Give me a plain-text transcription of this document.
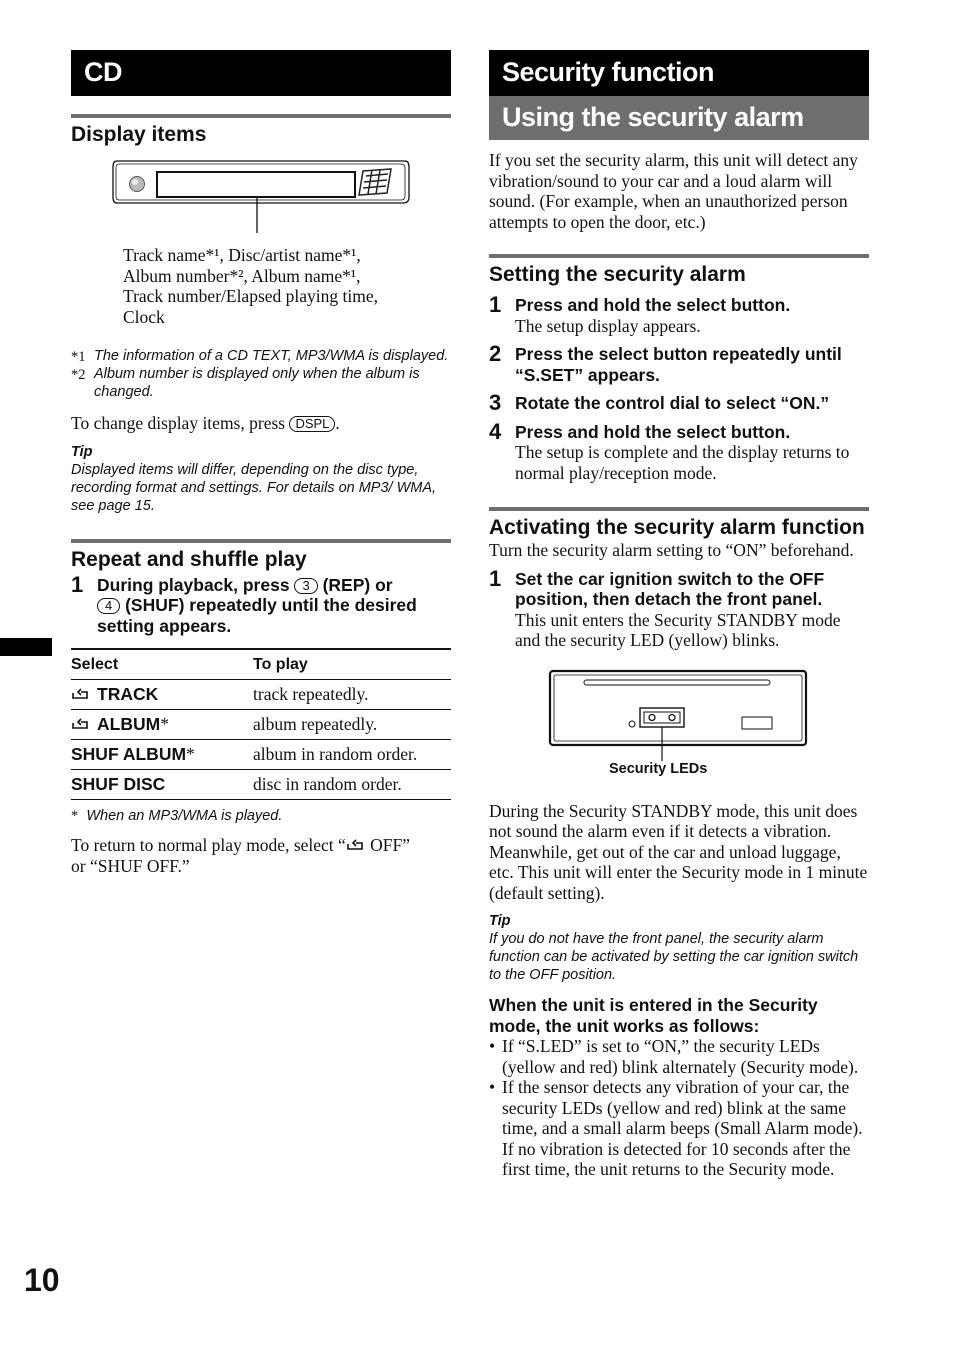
CD
Display items

Track name*¹, Disc/artist name*¹,

Album number*², Album name*¹,

Track number/Elapsed playing time,

Clock

*1 The information of a CD TEXT, MP3/WMA is displayed.

*2 Album number is displayed only when the album is changed.

To change display items, press DSPL .

Tip

Displayed items will differ, depending on the disc type, recording format and settings. For details on MP3/ WMA, see page 15.

Repeat and shuffle play
1 During playback, press 3 (REP) or
4 (SHUF) repeatedly until the desired setting appears.

Select	To play
TRACK	track repeatedly.
ALBUM*	album repeatedly.
SHUF ALBUM*	album in random order.
SHUF DISC	disc in random order.

* When an MP3/WMA is played.

To return to normal play mode, select “ OFF”
or “SHUF OFF.”

Security function
Using the security alarm

If you set the security alarm, this unit will detect any vibration/sound to your car and a loud alarm will sound. (For example, when an unauthorized person attempts to open the door, etc.)

Setting the security alarm
1 Press and hold the select button.

The setup display appears.

2 Press the select button repeatedly until “S.SET” appears.

3 Rotate the control dial to select “ON.”

4 Press and hold the select button.

The setup is complete and the display returns to normal play/reception mode.

Activating the security alarm function

Turn the security alarm setting to “ON” beforehand.

1 Set the car ignition switch to the OFF position, then detach the front panel.

This unit enters the Security STANDBY mode and the security LED (yellow) blinks.

Security LEDs

During the Security STANDBY mode, this unit does not sound the alarm even if it detects a vibration. Meanwhile, get out of the car and unload luggage, etc. This unit will enter the Security mode in 1 minute (default setting).

Tip

If you do not have the front panel, the security alarm function can be activated by setting the car ignition switch to the OFF position.

When the unit is entered in the Security mode, the unit works as follows:

• If “S.LED” is set to “ON,” the security LEDs (yellow and red) blink alternately (Security mode).

• If the sensor detects any vibration of your car, the security LEDs (yellow and red) blink at the same time, and a small alarm beeps (Small Alarm mode).

If no vibration is detected for 10 seconds after the first time, the unit returns to the Security mode.

10
